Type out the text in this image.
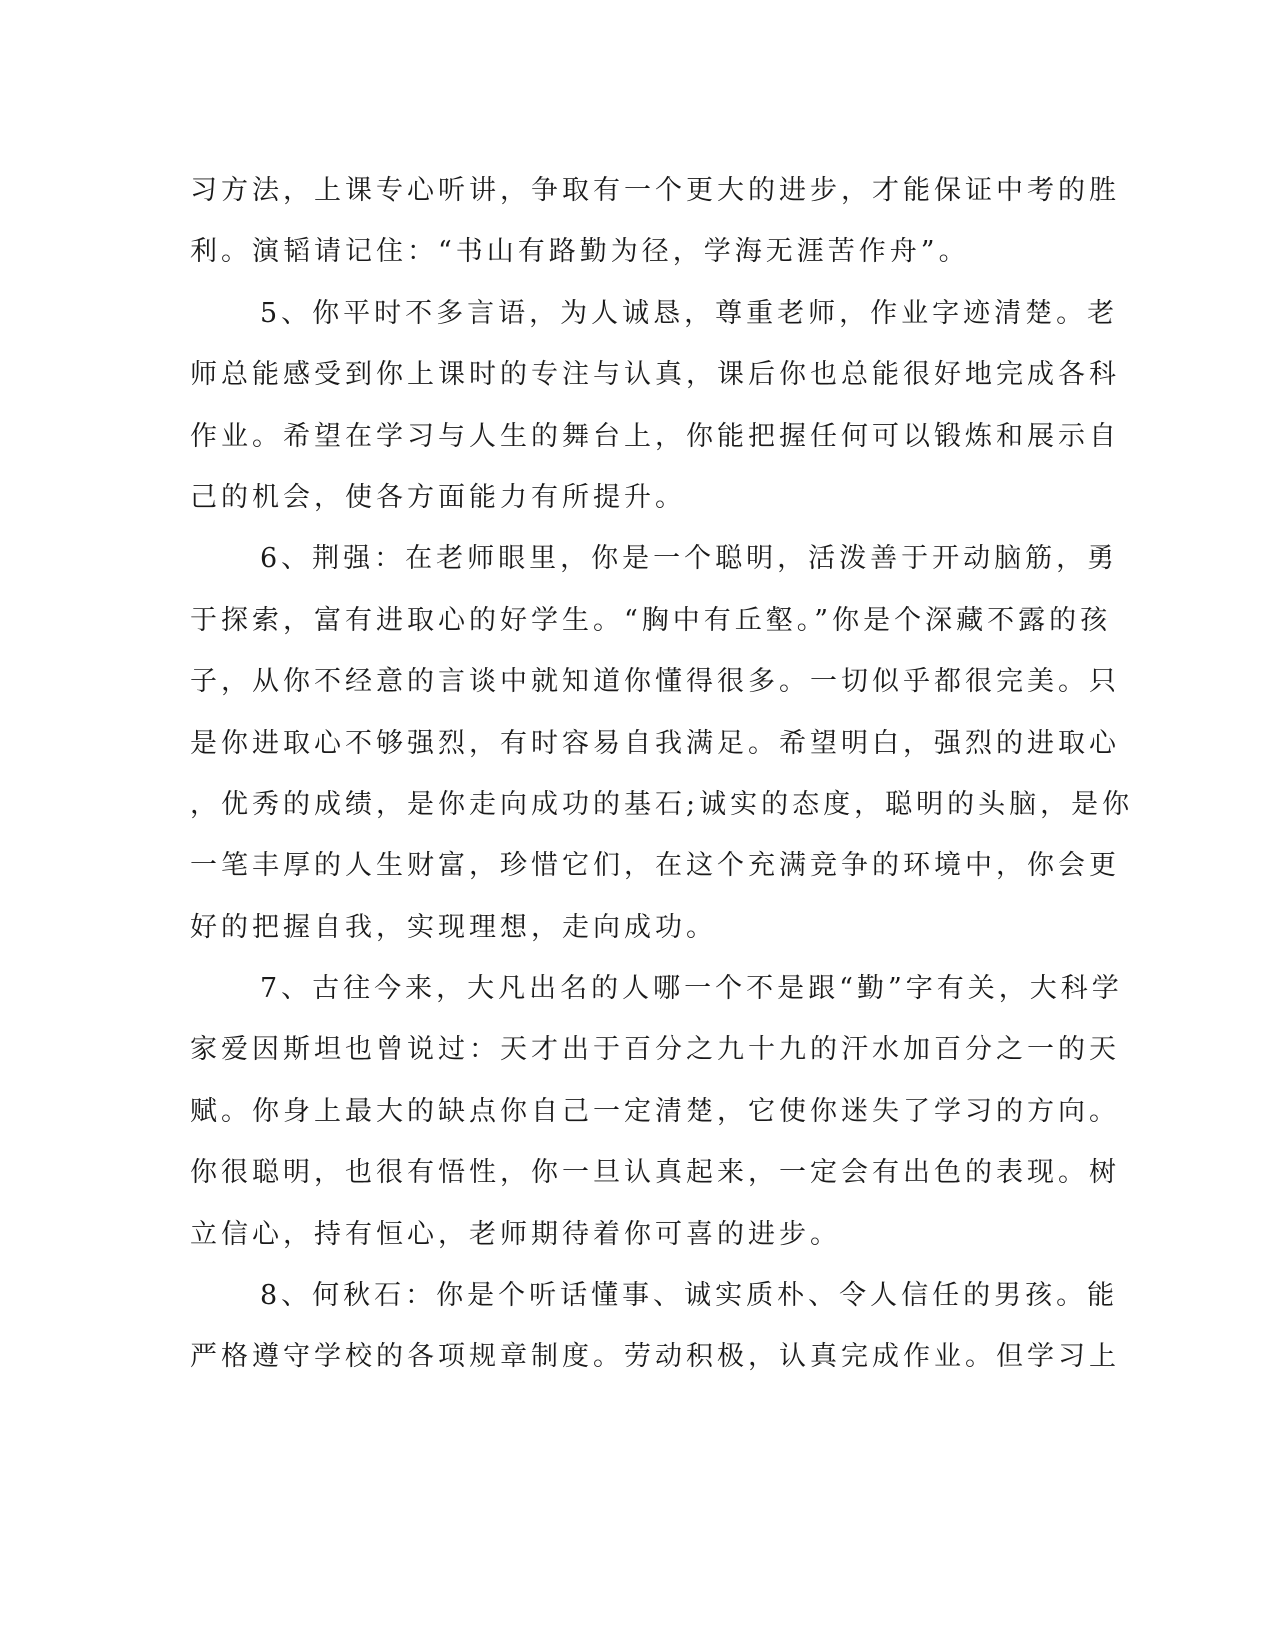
习方法，上课专心听讲，争取有一个更大的进步，才能保证中考的胜
利。演韬请记住：“书山有路勤为径，学海无涯苦作舟”。
5、你平时不多言语，为人诚恳，尊重老师，作业字迹清楚。老
师总能感受到你上课时的专注与认真，课后你也总能很好地完成各科
作业。希望在学习与人生的舞台上，你能把握任何可以锻炼和展示自
己的机会，使各方面能力有所提升。
6、荆强：在老师眼里，你是一个聪明，活泼善于开动脑筋，勇
于探索，富有进取心的好学生。“胸中有丘壑。”你是个深藏不露的孩
子，从你不经意的言谈中就知道你懂得很多。一切似乎都很完美。只
是你进取心不够强烈，有时容易自我满足。希望明白，强烈的进取心
，优秀的成绩，是你走向成功的基石;诚实的态度，聪明的头脑，是你
一笔丰厚的人生财富，珍惜它们，在这个充满竞争的环境中，你会更
好的把握自我，实现理想，走向成功。
7、古往今来，大凡出名的人哪一个不是跟“勤”字有关，大科学
家爱因斯坦也曾说过：天才出于百分之九十九的汗水加百分之一的天
赋。你身上最大的缺点你自己一定清楚，它使你迷失了学习的方向。
你很聪明，也很有悟性，你一旦认真起来，一定会有出色的表现。树
立信心，持有恒心，老师期待着你可喜的进步。
8、何秋石：你是个听话懂事、诚实质朴、令人信任的男孩。能
严格遵守学校的各项规章制度。劳动积极，认真完成作业。但学习上
